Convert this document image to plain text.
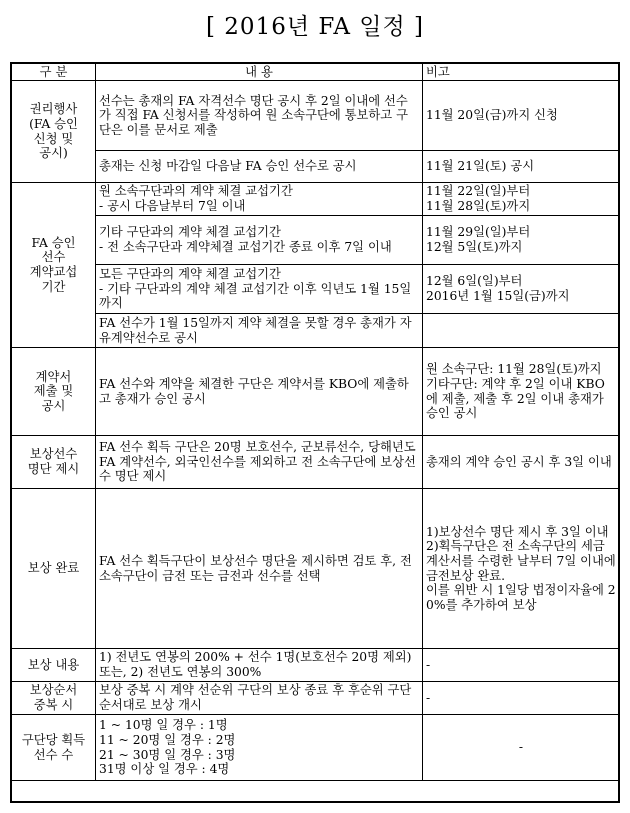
[ 2016년 FA 일정 ]
구 분	내 용	비고
권리행사
(FA 승인
신청 및
공시)	선수는 총재의 FA 자격선수 명단 공시 후 2일 이내에 선수가 직접 FA 신청서를 작성하여 원 소속구단에 통보하고 구단은 이를 문서로 제출	11월 20일(금)까지 신청
	총재는 신청 마감일 다음날 FA 승인 선수로 공시	11월 21일(토) 공시
FA 승인
선수
계약교섭
기간	원 소속구단과의 계약 체결 교섭기간
- 공시 다음날부터 7일 이내	11월 22일(일)부터
11월 28일(토)까지
	기타 구단과의 계약 체결 교섭기간
- 전 소속구단과 계약체결 교섭기간 종료 이후 7일 이내	11월 29일(일)부터
12월 5일(토)까지
	모든 구단과의 계약 체결 교섭기간
- 기타 구단과의 계약 체결 교섭기간 이후 익년도 1월 15일까지	12월 6일(일)부터
2016년 1월 15일(금)까지
	FA 선수가 1월 15일까지 계약 체결을 못할 경우 총재가 자유계약선수로 공시	
계약서
제출 및
공시	FA 선수와 계약을 체결한 구단은 계약서를 KBO에 제출하고 총재가 승인 공시	원 소속구단: 11월 28일(토)까지
기타구단: 계약 후 2일 이내 KBO에 제출, 제출 후 2일 이내 총재가 승인 공시
보상선수
명단 제시	FA 선수 획득 구단은 20명 보호선수, 군보류선수, 당해년도 FA 계약선수, 외국인선수를 제외하고 전 소속구단에 보상선수 명단 제시	총재의 계약 승인 공시 후 3일 이내
보상 완료	FA 선수 획득구단이 보상선수 명단을 제시하면 검토 후, 전 소속구단이 금전 또는 금전과 선수를 선택	1)보상선수 명단 제시 후 3일 이내
2)획득구단은 전 소속구단의 세금
계산서를 수령한 날부터 7일 이내에 금전보상 완료.
이를 위반 시 1일당 법정이자율에 20%를 추가하여 보상
보상 내용	1) 전년도 연봉의 200% + 선수 1명(보호선수 20명 제외) 또는, 2) 전년도 연봉의 300%	-
보상순서
중복 시	보상 중복 시 계약 선순위 구단의 보상 종료 후 후순위 구단 순서대로 보상 개시	-
구단당 획득
선수 수	1 ~ 10명 일 경우 : 1명
11 ~ 20명 일 경우 : 2명
21 ~ 30명 일 경우 : 3명
31명 이상 일 경우 : 4명	-
